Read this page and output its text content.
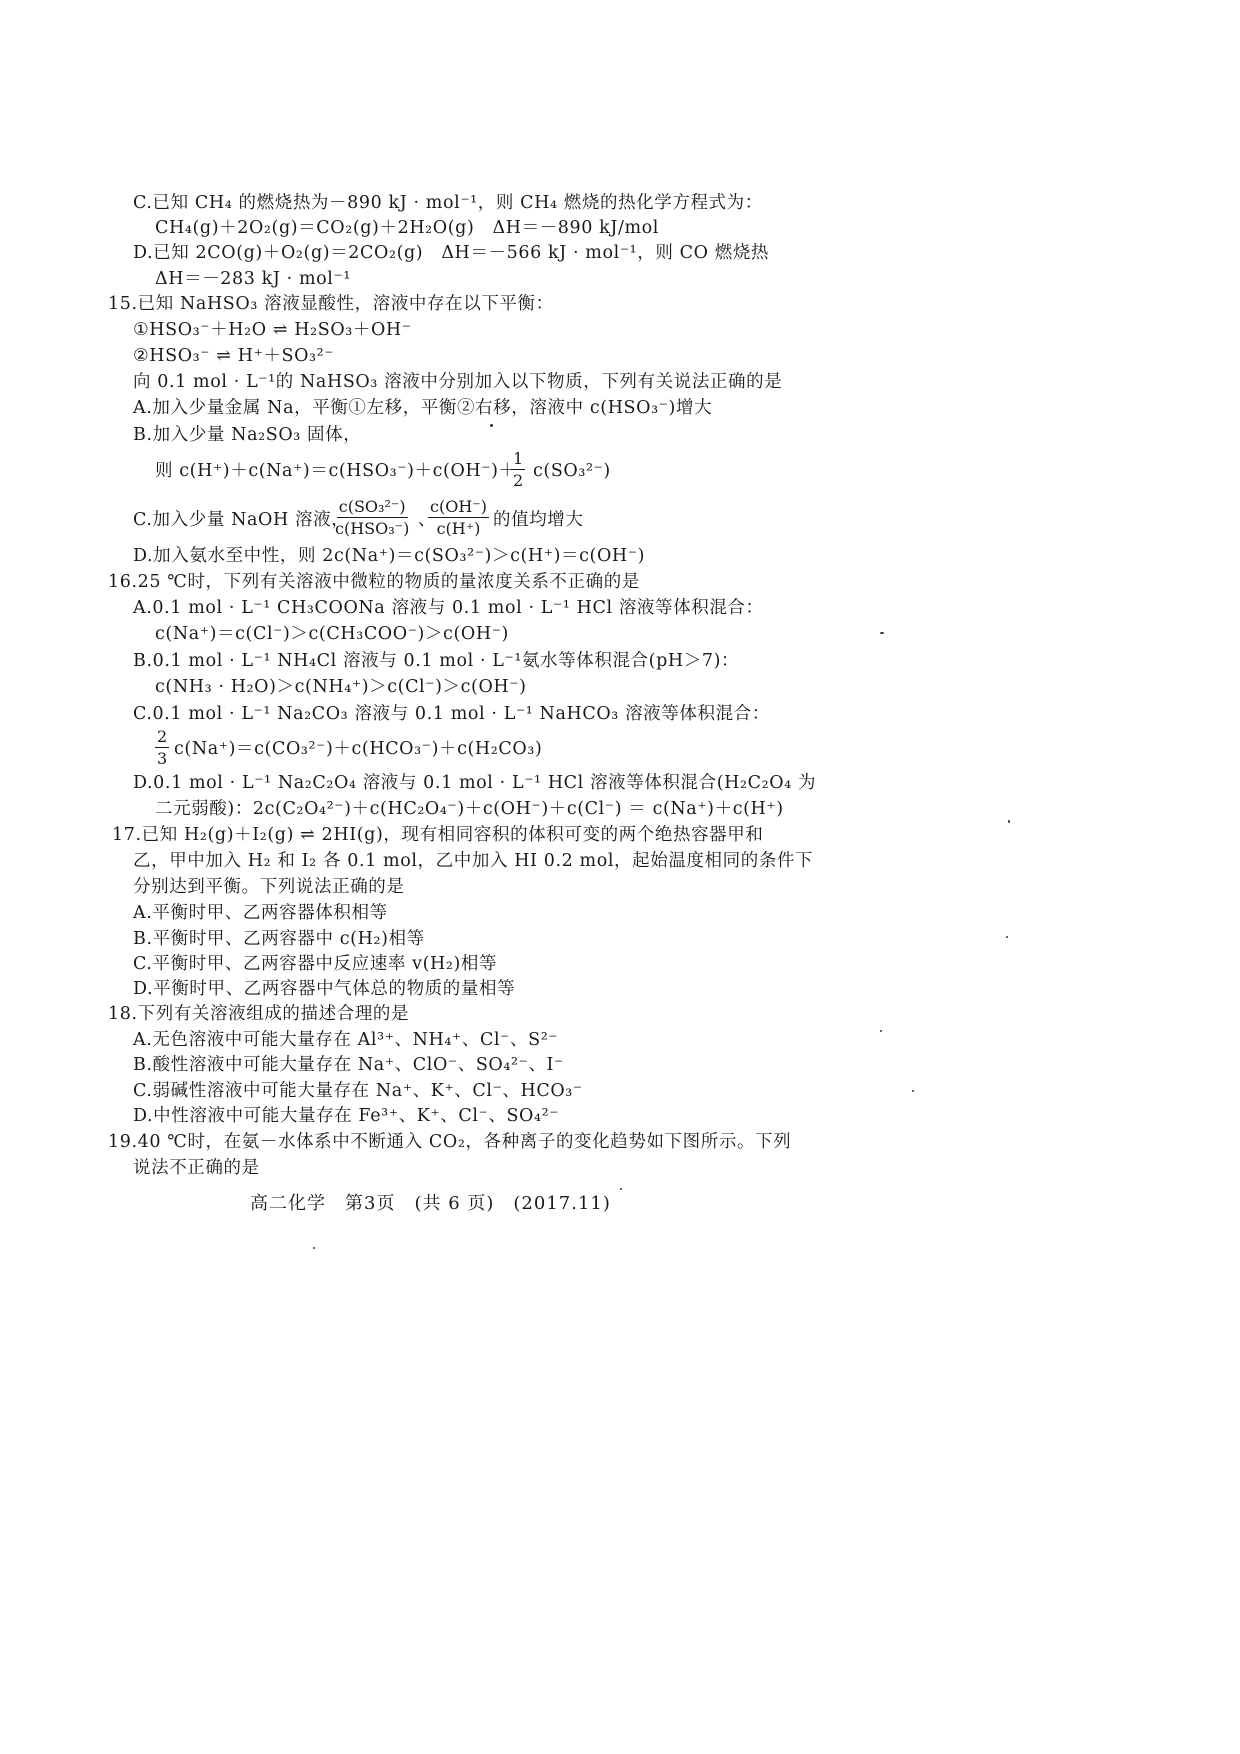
C.已知 CH₄ 的燃烧热为－890 kJ · mol⁻¹，则 CH₄ 燃烧的热化学方程式为：
CH₄(g)＋2O₂(g)＝CO₂(g)＋2H₂O(g)　ΔH＝－890 kJ/mol
D.已知 2CO(g)＋O₂(g)＝2CO₂(g)　ΔH＝－566 kJ · mol⁻¹，则 CO 燃烧热
ΔH＝－283 kJ · mol⁻¹
15.已知 NaHSO₃ 溶液显酸性，溶液中存在以下平衡：
①HSO₃⁻＋H₂O ⇌ H₂SO₃＋OH⁻
②HSO₃⁻ ⇌ H⁺＋SO₃²⁻
向 0.1 mol · L⁻¹的 NaHSO₃ 溶液中分别加入以下物质，下列有关说法正确的是
A.加入少量金属 Na，平衡①左移，平衡②右移，溶液中 c(HSO₃⁻)增大
B.加入少量 Na₂SO₃ 固体，
则 c(H⁺)＋c(Na⁺)＝c(HSO₃⁻)＋c(OH⁻)＋
$\frac{1}{2} c(SO_3^{2-})$
C.加入少量 NaOH 溶液，
c(SO₃²⁻)
c(HSO₃⁻) 、
$\frac{c(OH^-)}{c(H^+)}$ 的值均增大
D.加入氨水至中性，则 2c(Na⁺)＝c(SO₃²⁻)＞c(H⁺)＝c(OH⁻)
16.25 ℃时，下列有关溶液中微粒的物质的量浓度关系不正确的是
A.0.1 mol · L⁻¹ CH₃COONa 溶液与 0.1 mol · L⁻¹ HCl 溶液等体积混合：
c(Na⁺)＝c(Cl⁻)＞c(CH₃COO⁻)＞c(OH⁻)
B.0.1 mol · L⁻¹ NH₄Cl 溶液与 0.1 mol · L⁻¹氨水等体积混合(pH＞7)：
c(NH₃ · H₂O)＞c(NH₄⁺)＞c(Cl⁻)＞c(OH⁻)
C.0.1 mol · L⁻¹ Na₂CO₃ 溶液与 0.1 mol · L⁻¹ NaHCO₃ 溶液等体积混合：
$\frac{2}{3} c(Na^+)=c(CO_3^{2-})+c(HCO_3^-)+c(H_2CO_3)$
D.0.1 mol · L⁻¹ Na₂C₂O₄ 溶液与 0.1 mol · L⁻¹ HCl 溶液等体积混合(H₂C₂O₄ 为
二元弱酸)：2c(C₂O₄²⁻)＋c(HC₂O₄⁻)＋c(OH⁻)＋c(Cl⁻) ＝ c(Na⁺)＋c(H⁺)
17.已知 H₂(g)＋I₂(g) ⇌ 2HI(g)，现有相同容积的体积可变的两个绝热容器甲和
乙，甲中加入 H₂ 和 I₂ 各 0.1 mol，乙中加入 HI 0.2 mol，起始温度相同的条件下
分别达到平衡。下列说法正确的是
A.平衡时甲、乙两容器体积相等
B.平衡时甲、乙两容器中 c(H₂)相等
C.平衡时甲、乙两容器中反应速率 v(H₂)相等
D.平衡时甲、乙两容器中气体总的物质的量相等
18.下列有关溶液组成的描述合理的是
A.无色溶液中可能大量存在 Al³⁺、NH₄⁺、Cl⁻、S²⁻
B.酸性溶液中可能大量存在 Na⁺、ClO⁻、SO₄²⁻、I⁻
C.弱碱性溶液中可能大量存在 Na⁺、K⁺、Cl⁻、HCO₃⁻
D.中性溶液中可能大量存在 Fe³⁺、K⁺、Cl⁻、SO₄²⁻
19.40 ℃时，在氨－水体系中不断通入 CO₂，各种离子的变化趋势如下图所示。下列
说法不正确的是
高二化学　第3页　(共 6 页)　(2017.11)
